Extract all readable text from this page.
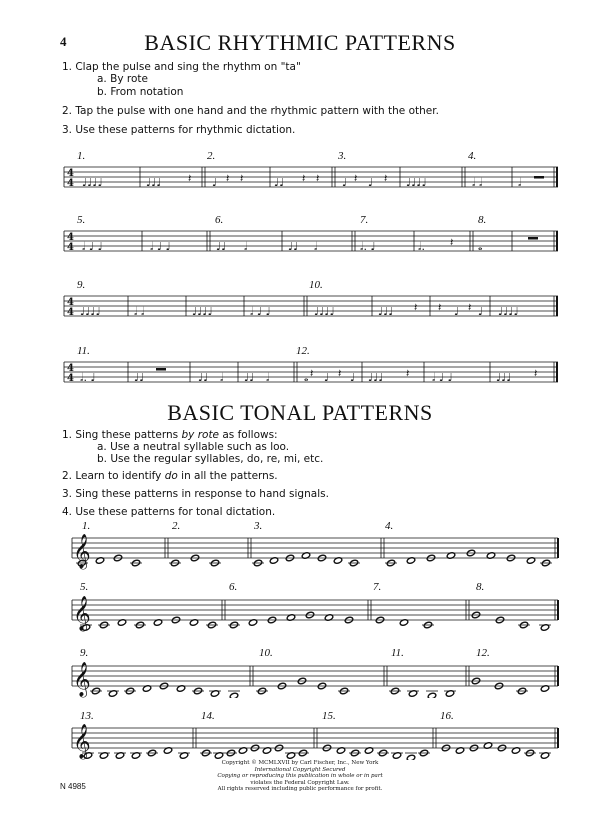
4	BASIC RHYTHMIC PATTERNS
1. Clap the pulse and sing the rhythm on "ta"
a. By rote
b. From notation
2. Tap the pulse with one hand and the rhythmic pattern with the other.
3. Use these patterns for rhythmic dictation.
1.	2.	3.	4.
5.	6.	7.	8.
9.	10.
11.	12.
4
4 ♩♩♩♩	♩♩♩ 𝄽 ♩ 𝄽 𝄽	♩♩ 𝄽 𝄽 ♩ 𝄽 ♩ 𝄽 ♩♩♩♩	𝅗𝅥 𝅗𝅥	𝅗𝅥
4
4 𝅗𝅥 ♩ ♩	𝅗𝅥 ♩ ♩	♩♩ 𝅗𝅥	♩♩ 𝅗𝅥	𝅗𝅥. ♩	𝅗𝅥. 𝄽 𝅝
4
4 ♩♩♩♩	𝅗𝅥 𝅗𝅥	♩♩♩♩	𝅗𝅥 ♩ ♩	♩♩♩♩	♩♩♩ 𝄽 𝄽 ♩ 𝄽 ♩ ♩♩♩♩
4
4 𝅗𝅥. ♩	♩♩	♩♩ 𝅗𝅥 ♩♩ 𝅗𝅥	𝅝 𝄽 ♩ 𝄽 ♩ ♩♩♩ 𝄽 𝅗𝅥 ♩ ♩	♩♩♩ 𝄽
BASIC TONAL PATTERNS
1. Sing these patterns by rote as follows:
a. Use a neutral syllable such as loo.
b. Use the regular syllables, do, re, mi, etc.
2. Learn to identify do in all the patterns.
3. Sing these patterns in response to hand signals.
4. Use these patterns for tonal dictation.
1.	2.	3.	4.
5.	6.	7.	8.
9.	10.	11.	12.
13.	14.	15.	16.
𝄞
𝄞
𝄞
𝄞
N 4985
Copyright © MCMLXVII by Carl Fischer, Inc., New York
International Copyright Secured
Copying or reproducing this publication in whole or in part
violates the Federal Copyright Law.
All rights reserved including public performance for profit.
